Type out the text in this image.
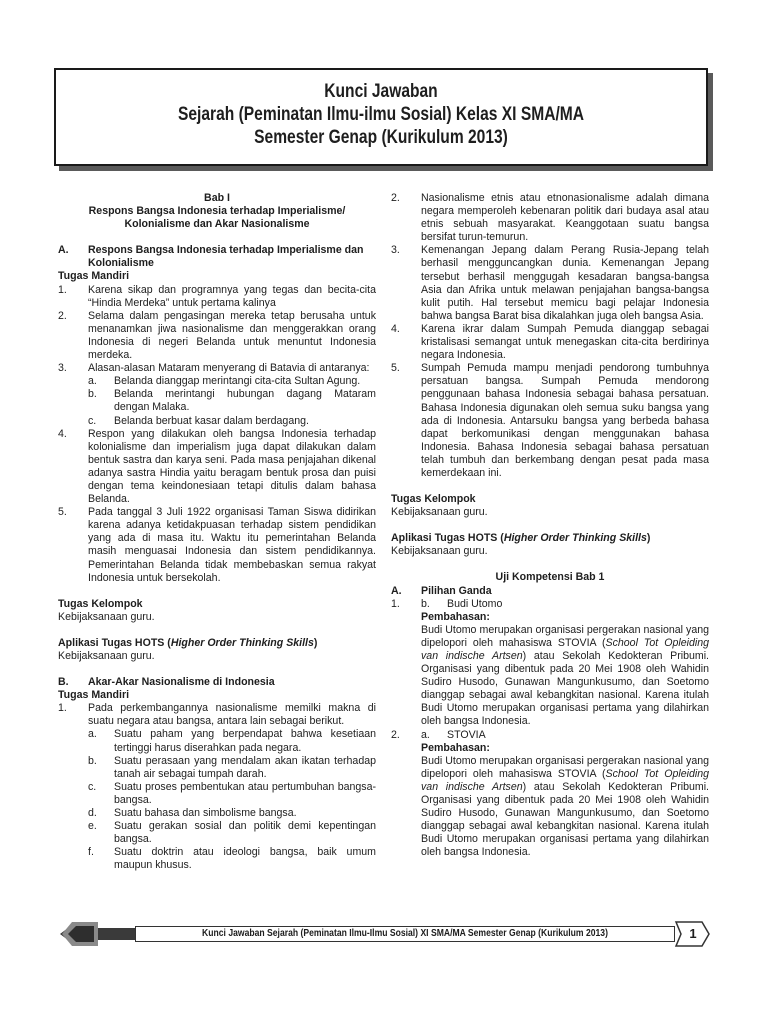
Kunci Jawaban
Sejarah (Peminatan Ilmu-ilmu Sosial) Kelas XI SMA/MA
Semester Genap (Kurikulum 2013)
Bab I
Respons Bangsa Indonesia terhadap Imperialisme/
Kolonialisme dan Akar Nasionalisme
A. Respons Bangsa Indonesia terhadap Imperialisme dan Kolonialisme
Tugas Mandiri
1. Karena sikap dan programnya yang tegas dan becita-cita “Hindia Merdeka” untuk pertama kalinya
2. Selama dalam pengasingan mereka tetap berusaha untuk menanamkan jiwa nasionalisme dan menggerakkan orang Indonesia di negeri Belanda untuk menuntut Indonesia merdeka.
3. Alasan-alasan Mataram menyerang di Batavia di antaranya:
a. Belanda dianggap merintangi cita-cita Sultan Agung.
b. Belanda merintangi hubungan dagang Mataram dengan Malaka.
c. Belanda berbuat kasar dalam berdagang.
4. Respon yang dilakukan oleh bangsa Indonesia terhadap kolonialisme dan imperialism juga dapat dilakukan dalam bentuk sastra dan karya seni. Pada masa penjajahan dikenal adanya sastra Hindia yaitu beragam bentuk prosa dan puisi dengan tema keindonesiaan tetapi ditulis dalam bahasa Belanda.
5. Pada tanggal 3 Juli 1922 organisasi Taman Siswa didirikan karena adanya ketidakpuasan terhadap sistem pendidikan yang ada di masa itu. Waktu itu pemerintahan Belanda masih menguasai Indonesia dan sistem pendidikannya. Pemerintahan Belanda tidak membebaskan semua rakyat Indonesia untuk bersekolah.
Tugas Kelompok
Kebijaksanaan guru.
Aplikasi Tugas HOTS (Higher Order Thinking Skills)
Kebijaksanaan guru.
B. Akar-Akar Nasionalisme di Indonesia
Tugas Mandiri
1. Pada perkembangannya nasionalisme memilki makna di suatu negara atau bangsa, antara lain sebagai berikut.
a. Suatu paham yang berpendapat bahwa kesetiaan tertinggi harus diserahkan pada negara.
b. Suatu perasaan yang mendalam akan ikatan terhadap tanah air sebagai tumpah darah.
c. Suatu proses pembentukan atau pertumbuhan bangsa-bangsa.
d. Suatu bahasa dan simbolisme bangsa.
e. Suatu gerakan sosial dan politik demi kepentingan bangsa.
f. Suatu doktrin atau ideologi bangsa, baik umum maupun khusus.
2. Nasionalisme etnis atau etnonasionalisme adalah dimana negara memperoleh kebenaran politik dari budaya asal atau etnis sebuah masyarakat. Keanggotaan suatu bangsa bersifat turun-temurun.
3. Kemenangan Jepang dalam Perang Rusia-Jepang telah berhasil mengguncangkan dunia. Kemenangan Jepang tersebut berhasil menggugah kesadaran bangsa-bangsa Asia dan Afrika untuk melawan penjajahan bangsa-bangsa kulit putih. Hal tersebut memicu bagi pelajar Indonesia bahwa bangsa Barat bisa dikalahkan juga oleh bangsa Asia.
4. Karena ikrar dalam Sumpah Pemuda dianggap sebagai kristalisasi semangat untuk menegaskan cita-cita berdirinya negara Indonesia.
5. Sumpah Pemuda mampu menjadi pendorong tumbuhnya persatuan bangsa. Sumpah Pemuda mendorong penggunaan bahasa Indonesia sebagai bahasa persatuan. Bahasa Indonesia digunakan oleh semua suku bangsa yang ada di Indonesia. Antarsuku bangsa yang berbeda bahasa dapat berkomunikasi dengan menggunakan bahasa Indonesia. Bahasa Indonesia sebagai bahasa persatuan telah tumbuh dan berkembang dengan pesat pada masa kemerdekaan ini.
Tugas Kelompok
Kebijaksanaan guru.
Aplikasi Tugas HOTS (Higher Order Thinking Skills)
Kebijaksanaan guru.
Uji Kompetensi Bab 1
A. Pilihan Ganda
1. b. Budi Utomo
Pembahasan:
Budi Utomo merupakan organisasi pergerakan nasional yang dipelopori oleh mahasiswa STOVIA (School Tot Opleiding van indische Artsen) atau Sekolah Kedokteran Pribumi. Organisasi yang dibentuk pada 20 Mei 1908 oleh Wahidin Sudiro Husodo, Gunawan Mangunkusumo, dan Soetomo dianggap sebagai awal kebangkitan nasional. Karena itulah Budi Utomo merupakan organisasi pertama yang dilahirkan oleh bangsa Indonesia.
2. a. STOVIA
Pembahasan:
Budi Utomo merupakan organisasi pergerakan nasional yang dipelopori oleh mahasiswa STOVIA (School Tot Opleiding van indische Artsen) atau Sekolah Kedokteran Pribumi. Organisasi yang dibentuk pada 20 Mei 1908 oleh Wahidin Sudiro Husodo, Gunawan Mangunkusumo, dan Soetomo dianggap sebagai awal kebangkitan nasional. Karena itulah Budi Utomo merupakan organisasi pertama yang dilahirkan oleh bangsa Indonesia.
Kunci Jawaban Sejarah (Peminatan Ilmu-Ilmu Sosial) XI SMA/MA Semester Genap (Kurikulum 2013)	1
